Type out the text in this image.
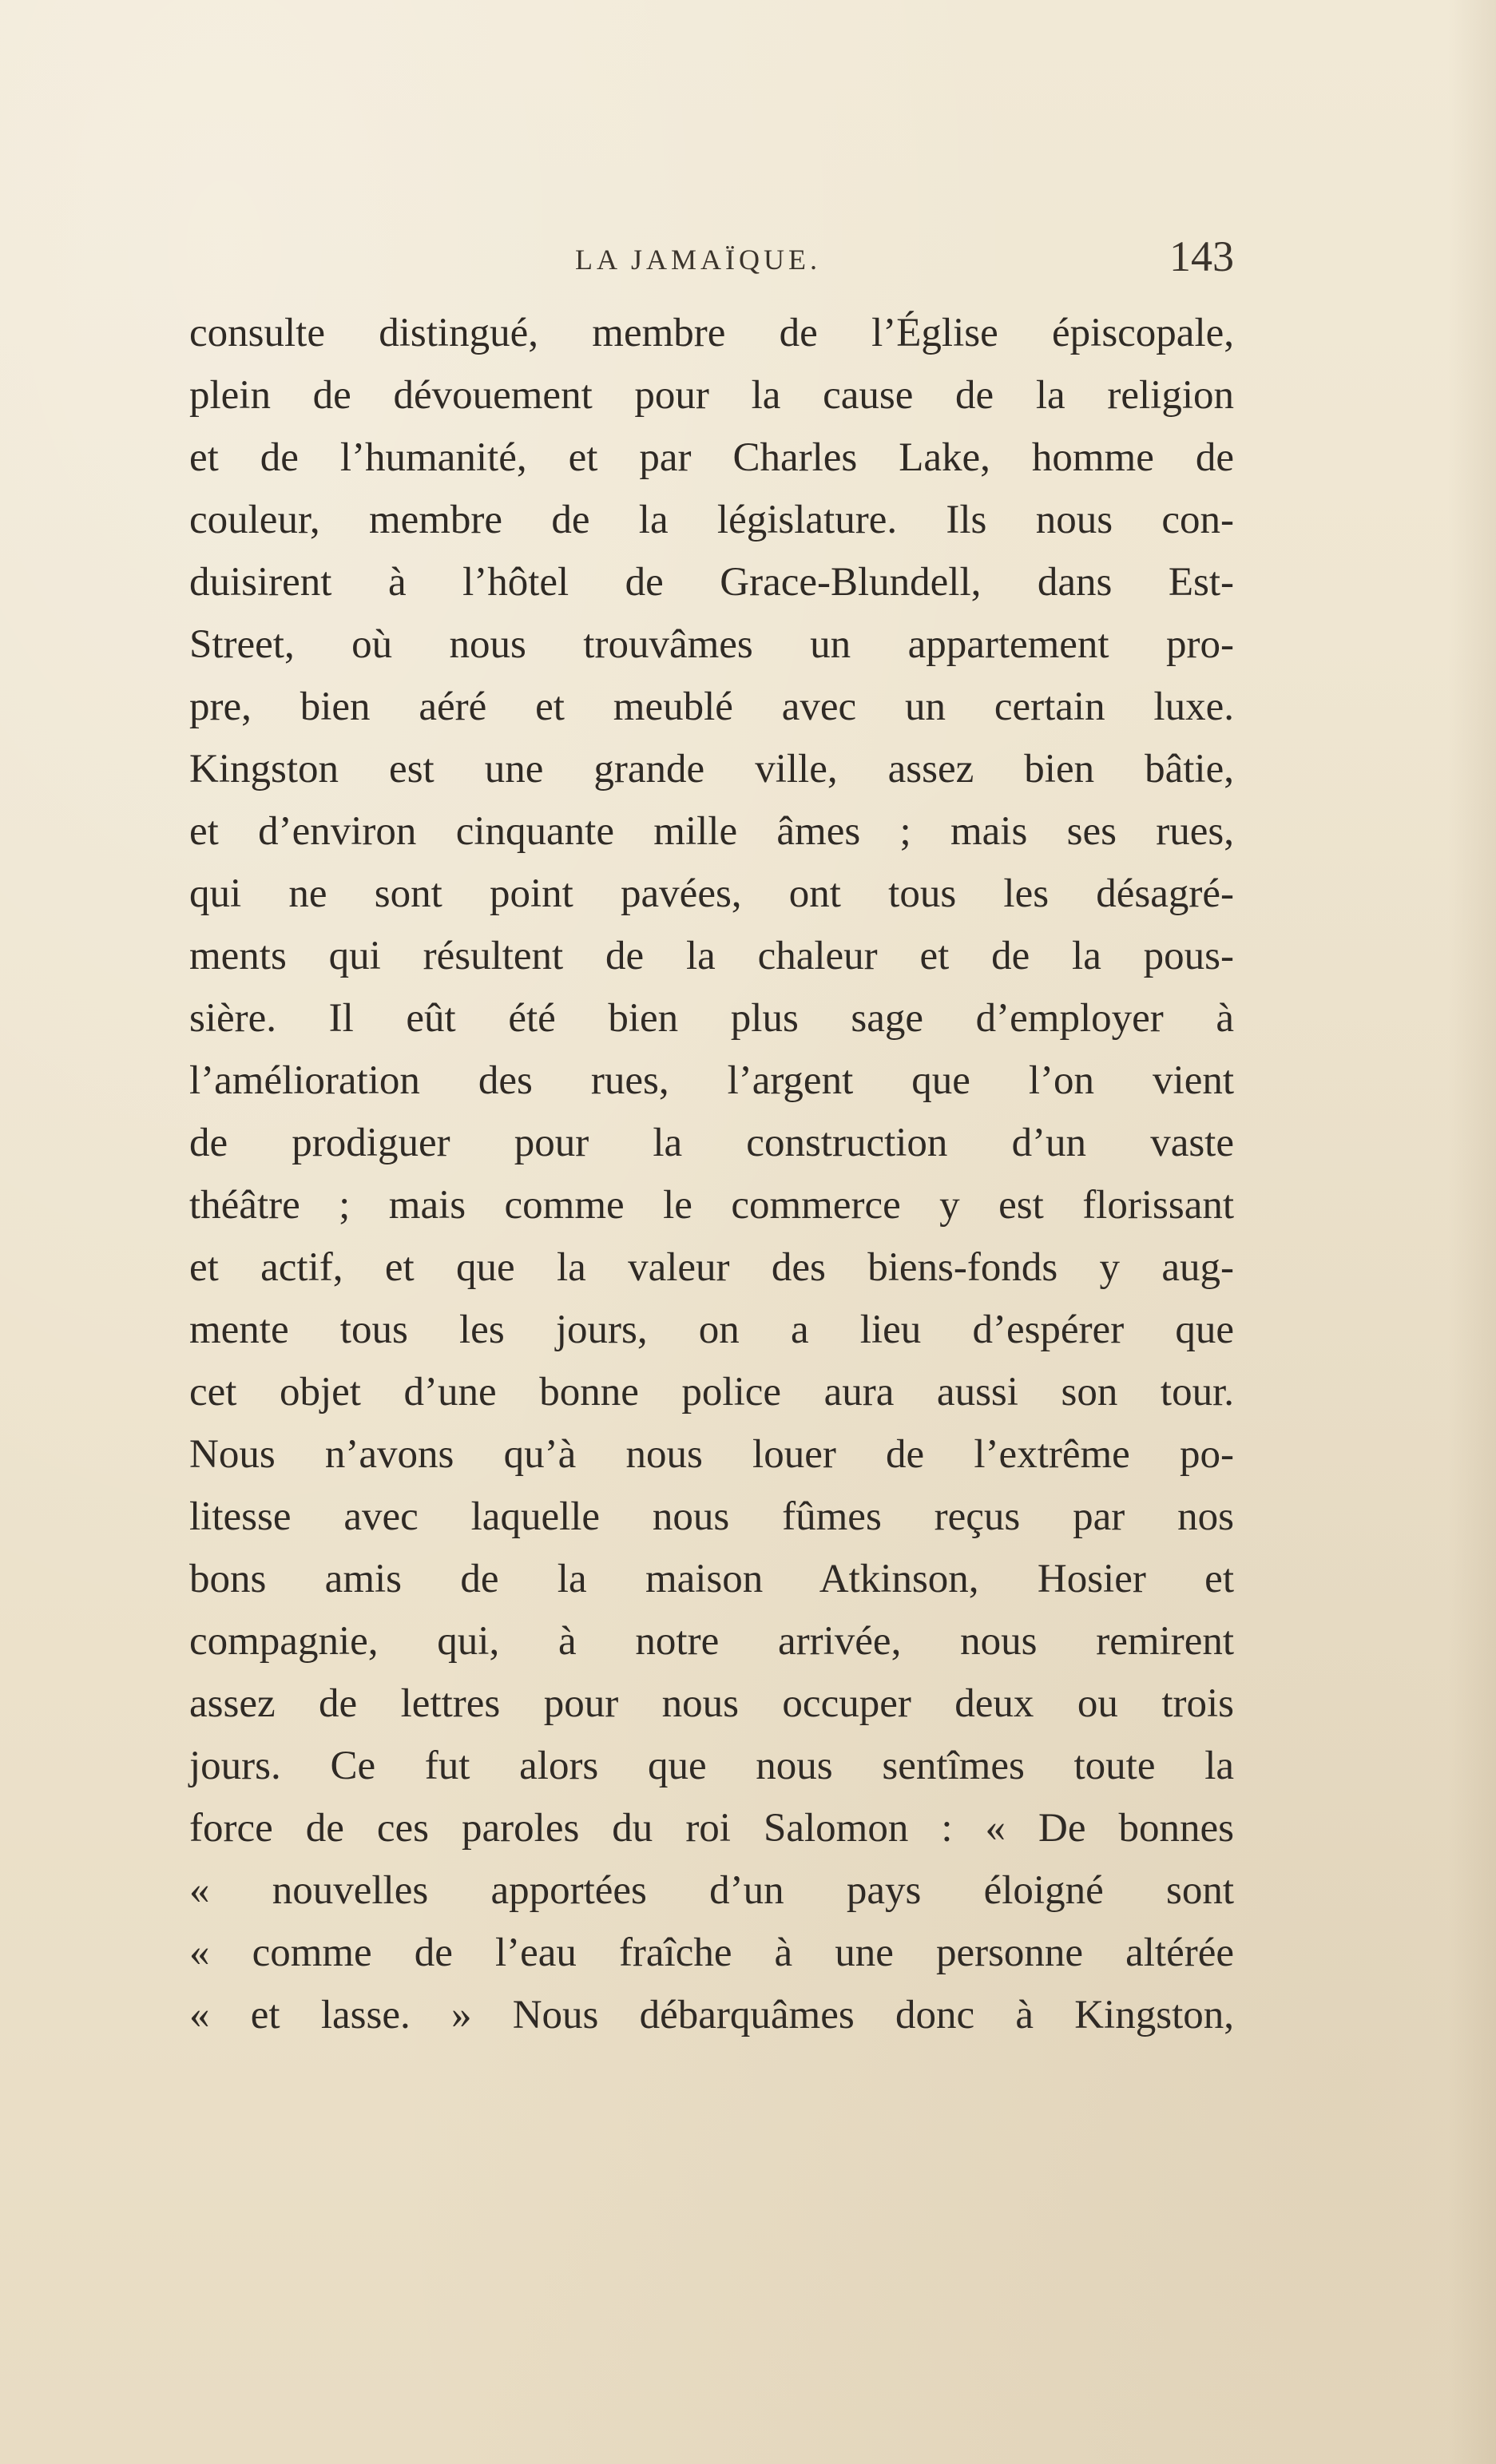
LA JAMAÏQUE.	143
consulte distingué, membre de l’Église épiscopale,
plein de dévouement pour la cause de la religion
et de l’humanité, et par Charles Lake, homme de
couleur, membre de la législature. Ils nous con-
duisirent à l’hôtel de Grace-Blundell, dans Est-
Street, où nous trouvâmes un appartement pro-
pre, bien aéré et meublé avec un certain luxe.
Kingston est une grande ville, assez bien bâtie,
et d’environ cinquante mille âmes ; mais ses rues,
qui ne sont point pavées, ont tous les désagré-
ments qui résultent de la chaleur et de la pous-
sière. Il eût été bien plus sage d’employer à
l’amélioration des rues, l’argent que l’on vient
de prodiguer pour la construction d’un vaste
théâtre ; mais comme le commerce y est florissant
et actif, et que la valeur des biens-fonds y aug-
mente tous les jours, on a lieu d’espérer que
cet objet d’une bonne police aura aussi son tour.
Nous n’avons qu’à nous louer de l’extrême po-
litesse avec laquelle nous fûmes reçus par nos
bons amis de la maison Atkinson, Hosier et
compagnie, qui, à notre arrivée, nous remirent
assez de lettres pour nous occuper deux ou trois
jours. Ce fut alors que nous sentîmes toute la
force de ces paroles du roi Salomon : « De bonnes
« nouvelles apportées d’un pays éloigné sont
« comme de l’eau fraîche à une personne altérée
« et lasse. » Nous débarquâmes donc à Kingston,
